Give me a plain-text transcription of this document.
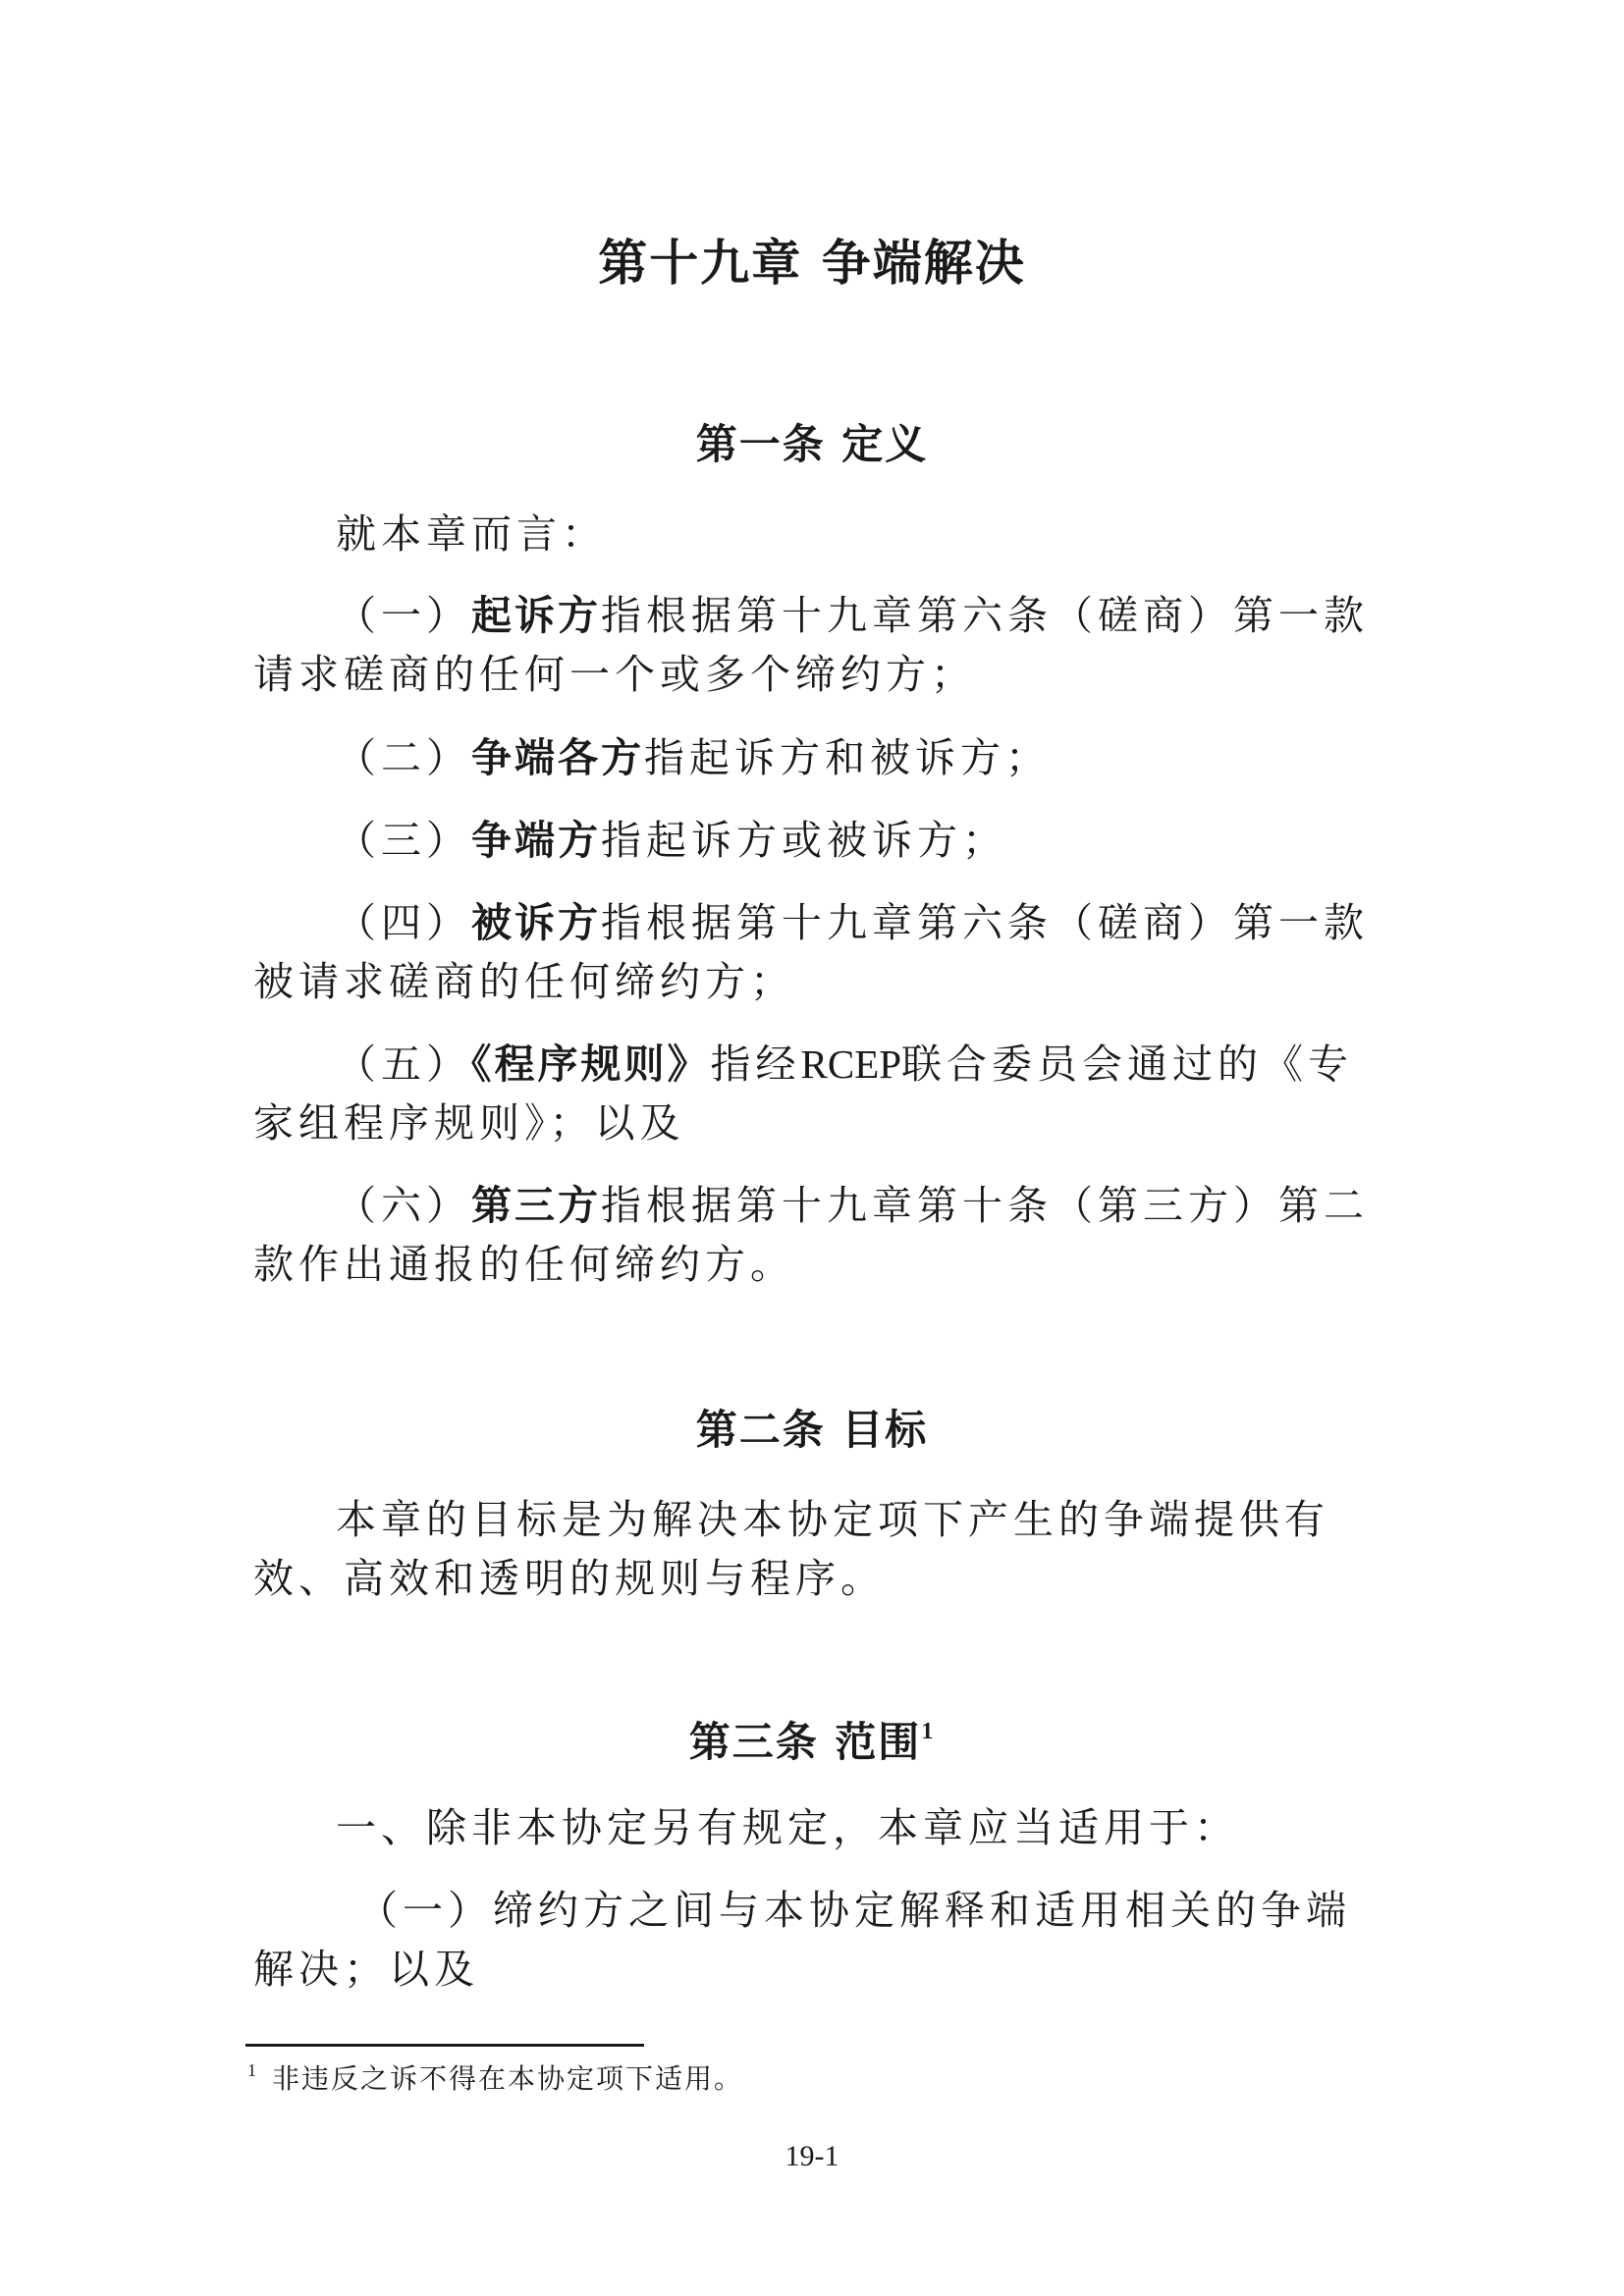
第十九章 争端解决
第一条 定义

就本章而言：

（一）起诉方指根据第十九章第六条（磋商）第一款请求磋商的任何一个或多个缔约方；

（二）争端各方指起诉方和被诉方；

（三）争端方指起诉方或被诉方；

（四）被诉方指根据第十九章第六条（磋商）第一款被请求磋商的任何缔约方；

（五）《程序规则》指经RCEP联合委员会通过的《专家组程序规则》；以及

（六）第三方指根据第十九章第十条（第三方）第二款作出通报的任何缔约方。

第二条 目标

本章的目标是为解决本协定项下产生的争端提供有效、高效和透明的规则与程序。

第三条 范围$^1$

一、除非本协定另有规定，本章应当适用于：

（一）缔约方之间与本协定解释和适用相关的争端解决；以及

$^1$ 非违反之诉不得在本协定项下适用。
19-1
